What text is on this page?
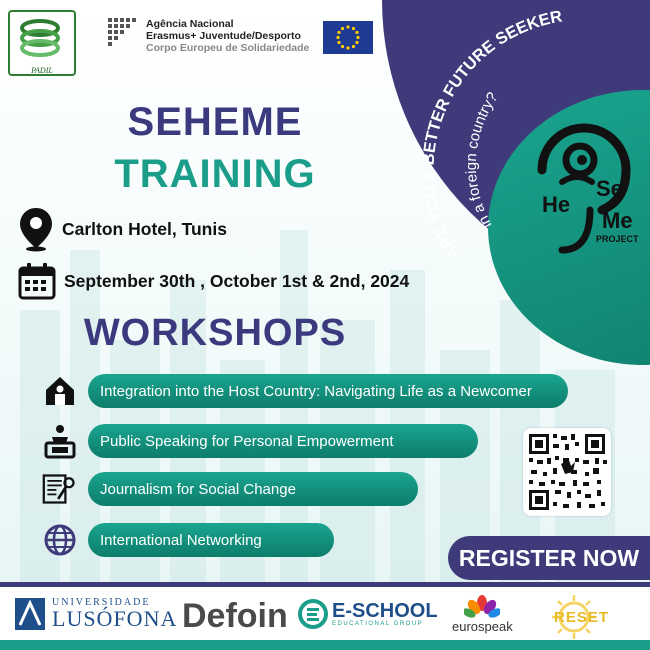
PADIL
Agência Nacional
Erasmus+ Juventude/Desporto
Corpo Europeu de Solidariedade
ARE YOU A BETTER FUTURE SEEKER
in a foreign country?
Se
He
Me
PROJECT
SEHEME
TRAINING
Carlton Hotel, Tunis
September 30th , October 1st & 2nd, 2024
WORKSHOPS
Integration into the Host Country: Navigating Life as a Newcomer
Public Speaking for Personal Empowerment
Journalism for Social Change
International Networking
REGISTER NOW
UNIVERSIDADE
LUSÓFONA Defoin E-SCHOOL
EDUCATIONAL GROUP	eurospeak
RESET
